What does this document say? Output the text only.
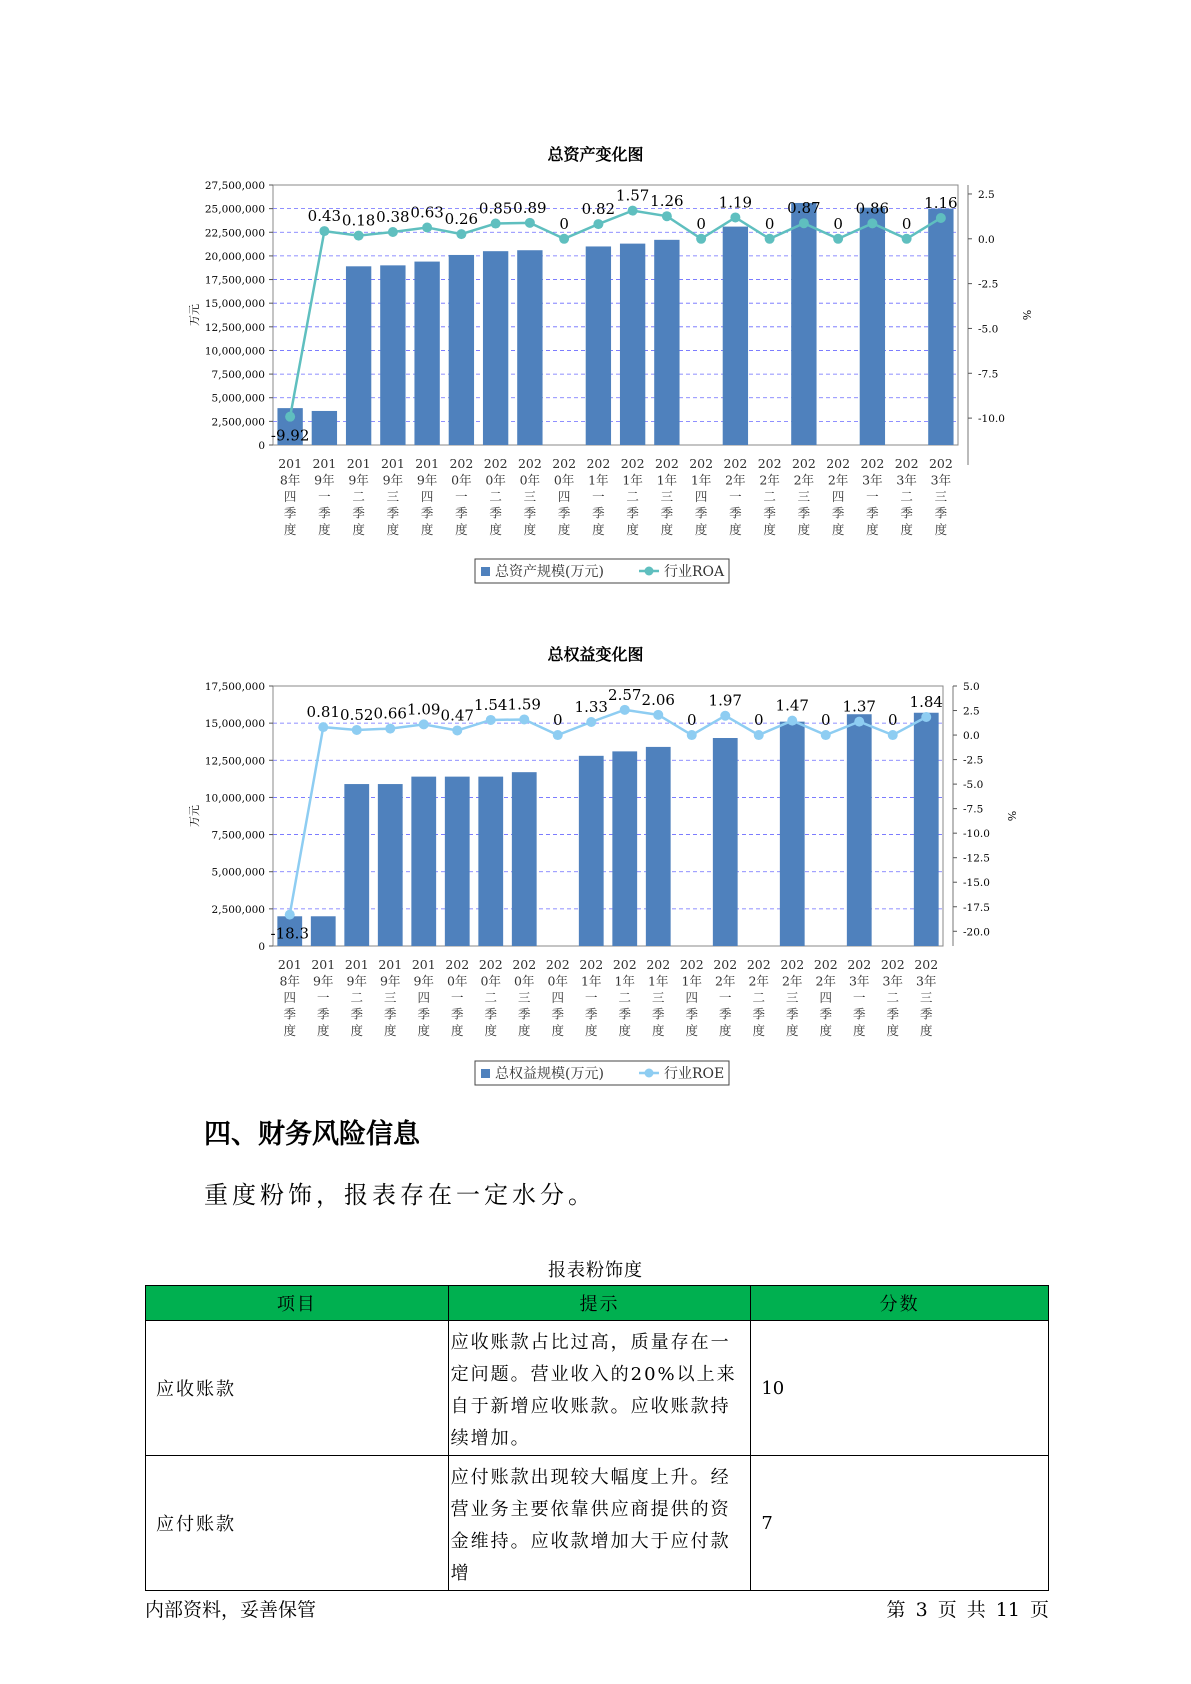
总资产变化图
27,500,000
25,000,000
22,500,000
20,000,000
17,500,000
15,000,000
12,500,000
10,000,000
7,500,000
5,000,000
2,500,000
0
2.5
0.0
-2.5
-5.0
-7.5
-10.0
万元	%
201
8年
四
季
度
201
9年
一
季
度
201
9年
二
季
度
201
9年
三
季
度
201
9年
四
季
度
202
0年
一
季
度
202
0年
二
季
度
202
0年
三
季
度
202
0年
四
季
度
202
1年
一
季
度
202
1年
二
季
度
202
1年
三
季
度
202
1年
四
季
度
202
2年
一
季
度
202
2年
二
季
度
202
2年
三
季
度
202
2年
四
季
度
202
3年
一
季
度
202
3年
二
季
度
202
3年
三
季
度
-9.92
0.43 0.18 0.38 0.63 0.26
0.85 0.89
0
0.82
1.57 1.26
0
1.19
0
0.87
0
0.86
0
1.16
总资产规模(万元)	行业ROA
总权益变化图
17,500,000
15,000,000
12,500,000
10,000,000
7,500,000
5,000,000
2,500,000
0
5.0
2.5
0.0
-2.5
-5.0
-7.5
-10.0
-12.5
-15.0
-17.5
-20.0
万元	%
201
8年
四
季
度
201
9年
一
季
度
201
9年
二
季
度
201
9年
三
季
度
201
9年
四
季
度
202
0年
一
季
度
202
0年
二
季
度
202
0年
三
季
度
202
0年
四
季
度
202
1年
一
季
度
202
1年
二
季
度
202
1年
三
季
度
202
1年
四
季
度
202
2年
一
季
度
202
2年
二
季
度
202
2年
三
季
度
202
2年
四
季
度
202
3年
一
季
度
202
3年
二
季
度
202
3年
三
季
度
-18.3
0.81 0.52 0.66 1.09 0.47
1.54 1.59
0
1.33
2.57 2.06
0
1.97
0
1.47
0
1.37
0
1.84
总权益规模(万元)	行业ROE
四、财务风险信息
重度粉饰，报表存在一定水分。
报表粉饰度
项目	提示	分数
应收账款	应收账款占比过高，质量存在一定问题。营业收入的20%以上来自于新增应收账款。应收账款持续增加。	10
应付账款	应付账款出现较大幅度上升。经营业务主要依靠供应商提供的资金维持。应收款增加大于应付款增	7
内部资料，妥善保管	第 3 页 共 11 页
